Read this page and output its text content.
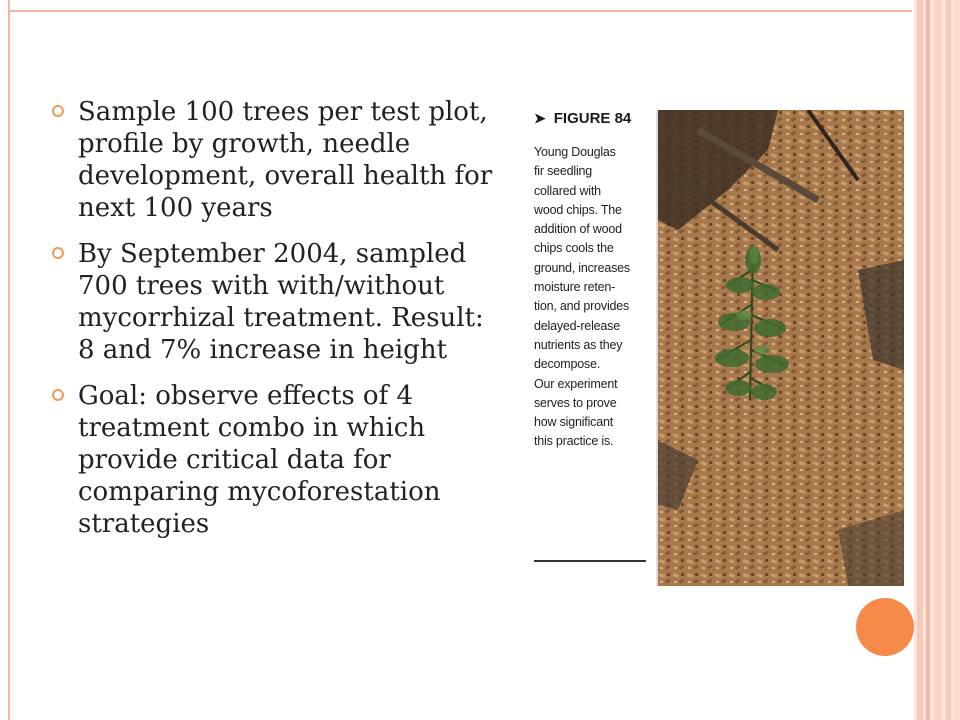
Sample 100 trees per test plot, profile by growth, needle development, overall health for next 100 years
By September 2004, sampled 700 trees with with/without mycorrhizal treatment. Result: 8 and 7% increase in height
Goal: observe effects of 4 treatment combo in which provide critical data for comparing mycoforestation strategies
➤ FIGURE 84
Young Douglas
fir seedling
collared with
wood chips. The
addition of wood
chips cools the
ground, increases
moisture reten-
tion, and provides
delayed-release
nutrients as they
decompose.
Our experiment
serves to prove
how significant
this practice is.
